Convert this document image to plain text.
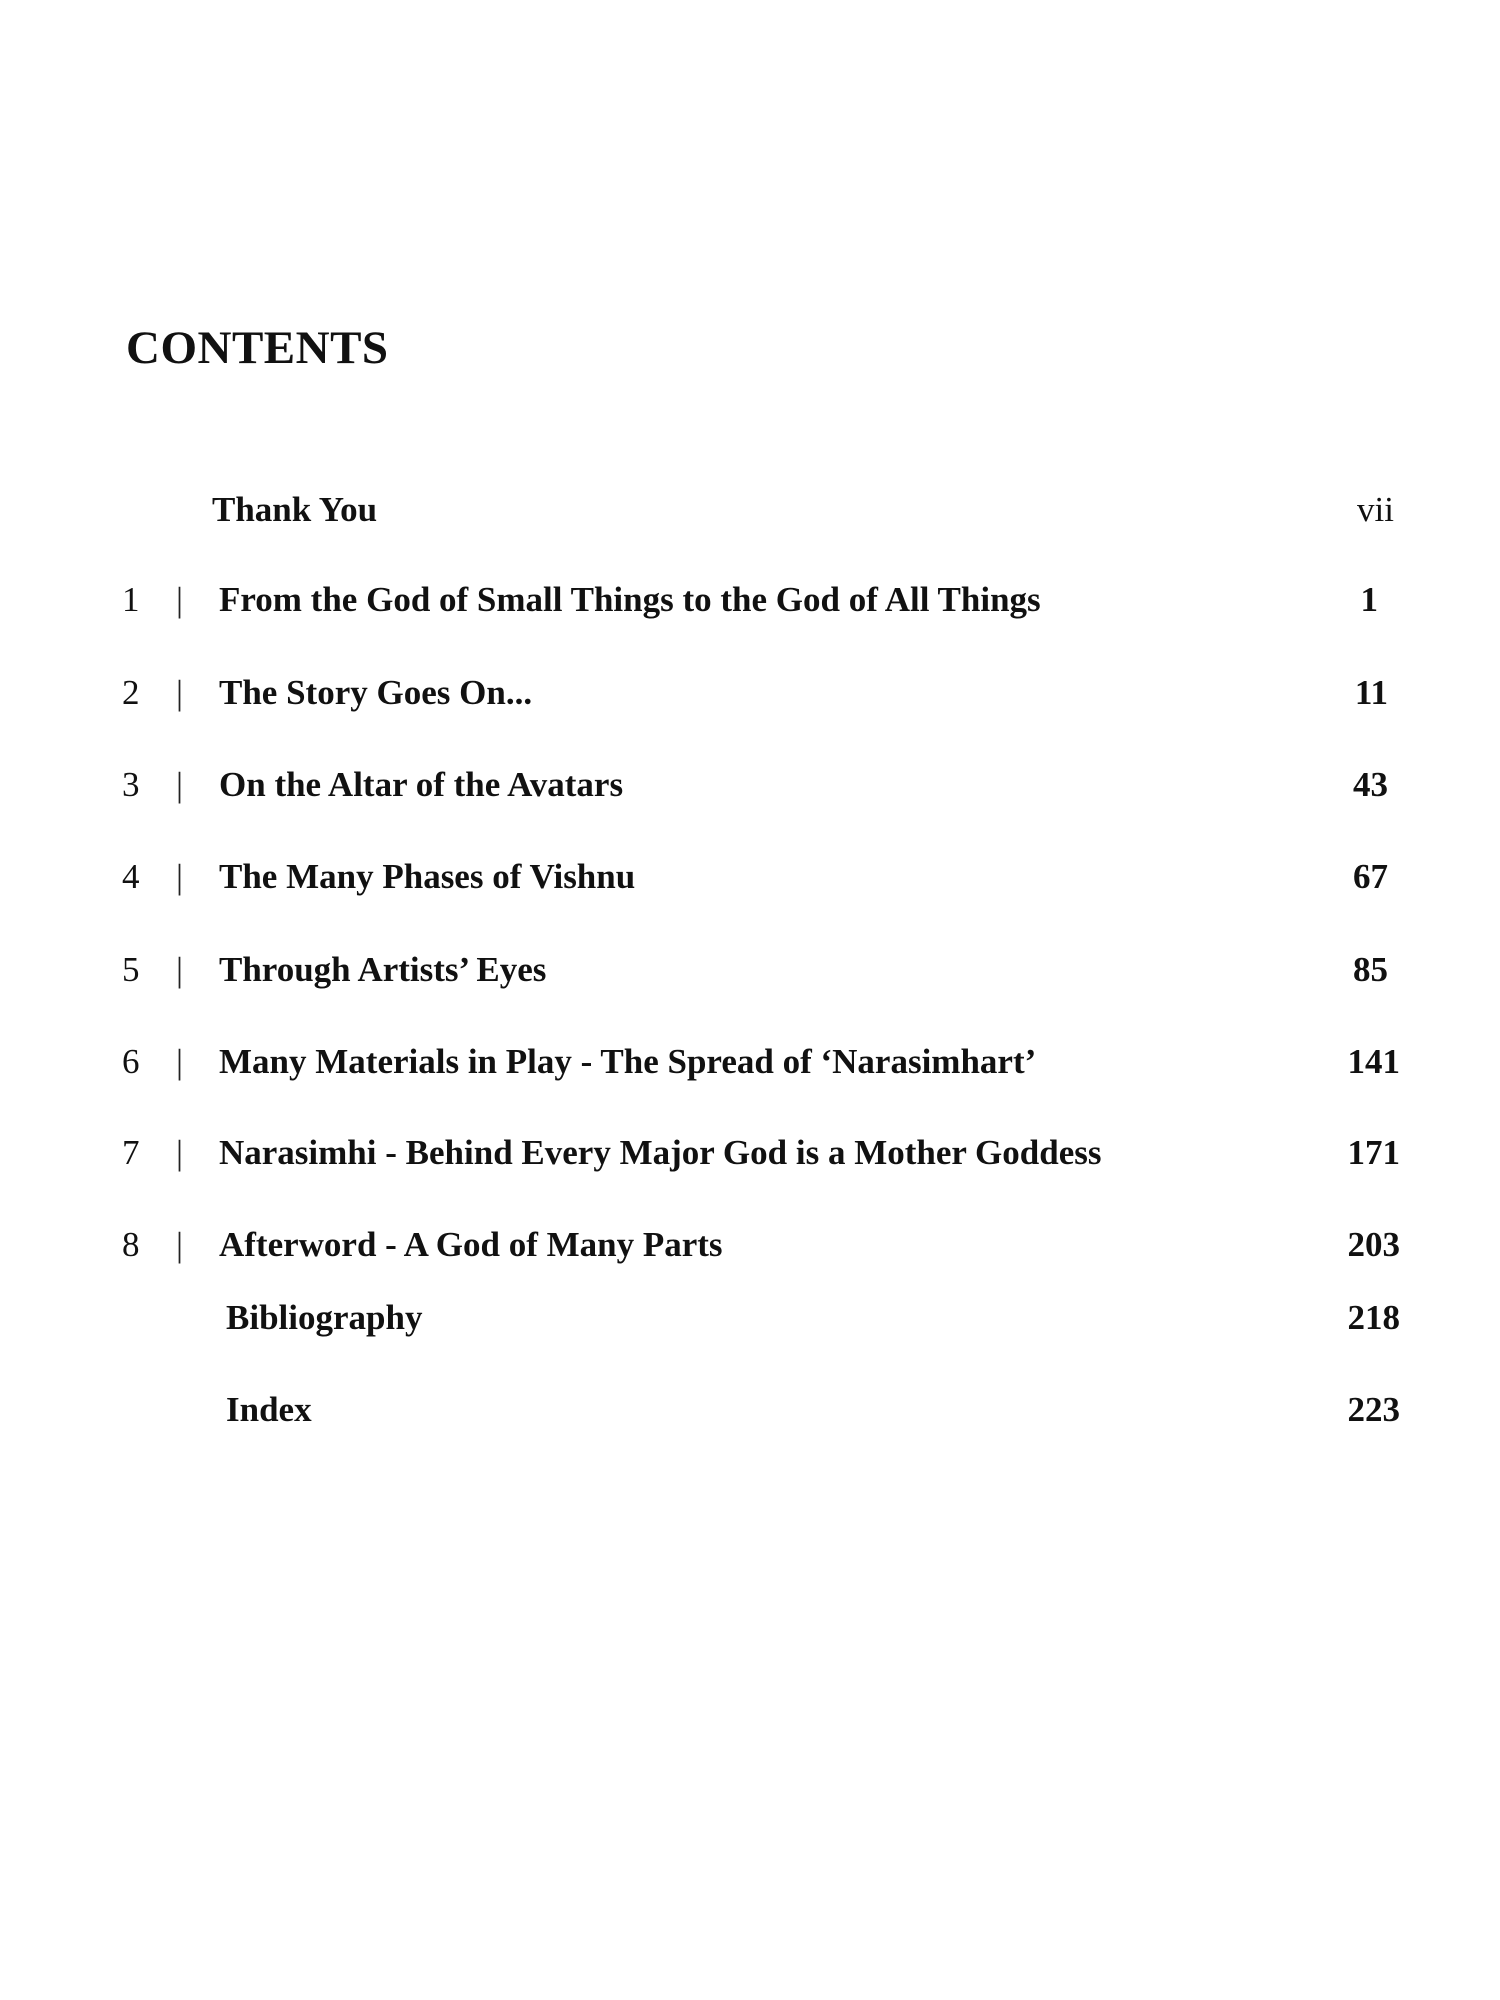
CONTENTS
Thank You	vii
1 | From the God of Small Things to the God of All Things	1
2 | The Story Goes On...	11
3 | On the Altar of the Avatars	43
4 | The Many Phases of Vishnu	67
5 | Through Artists’ Eyes	85
6 | Many Materials in Play - The Spread of ‘Narasimhart’	141
7 | Narasimhi - Behind Every Major God is a Mother Goddess	171
8 | Afterword - A God of Many Parts	203
Bibliography	218
Index	223
